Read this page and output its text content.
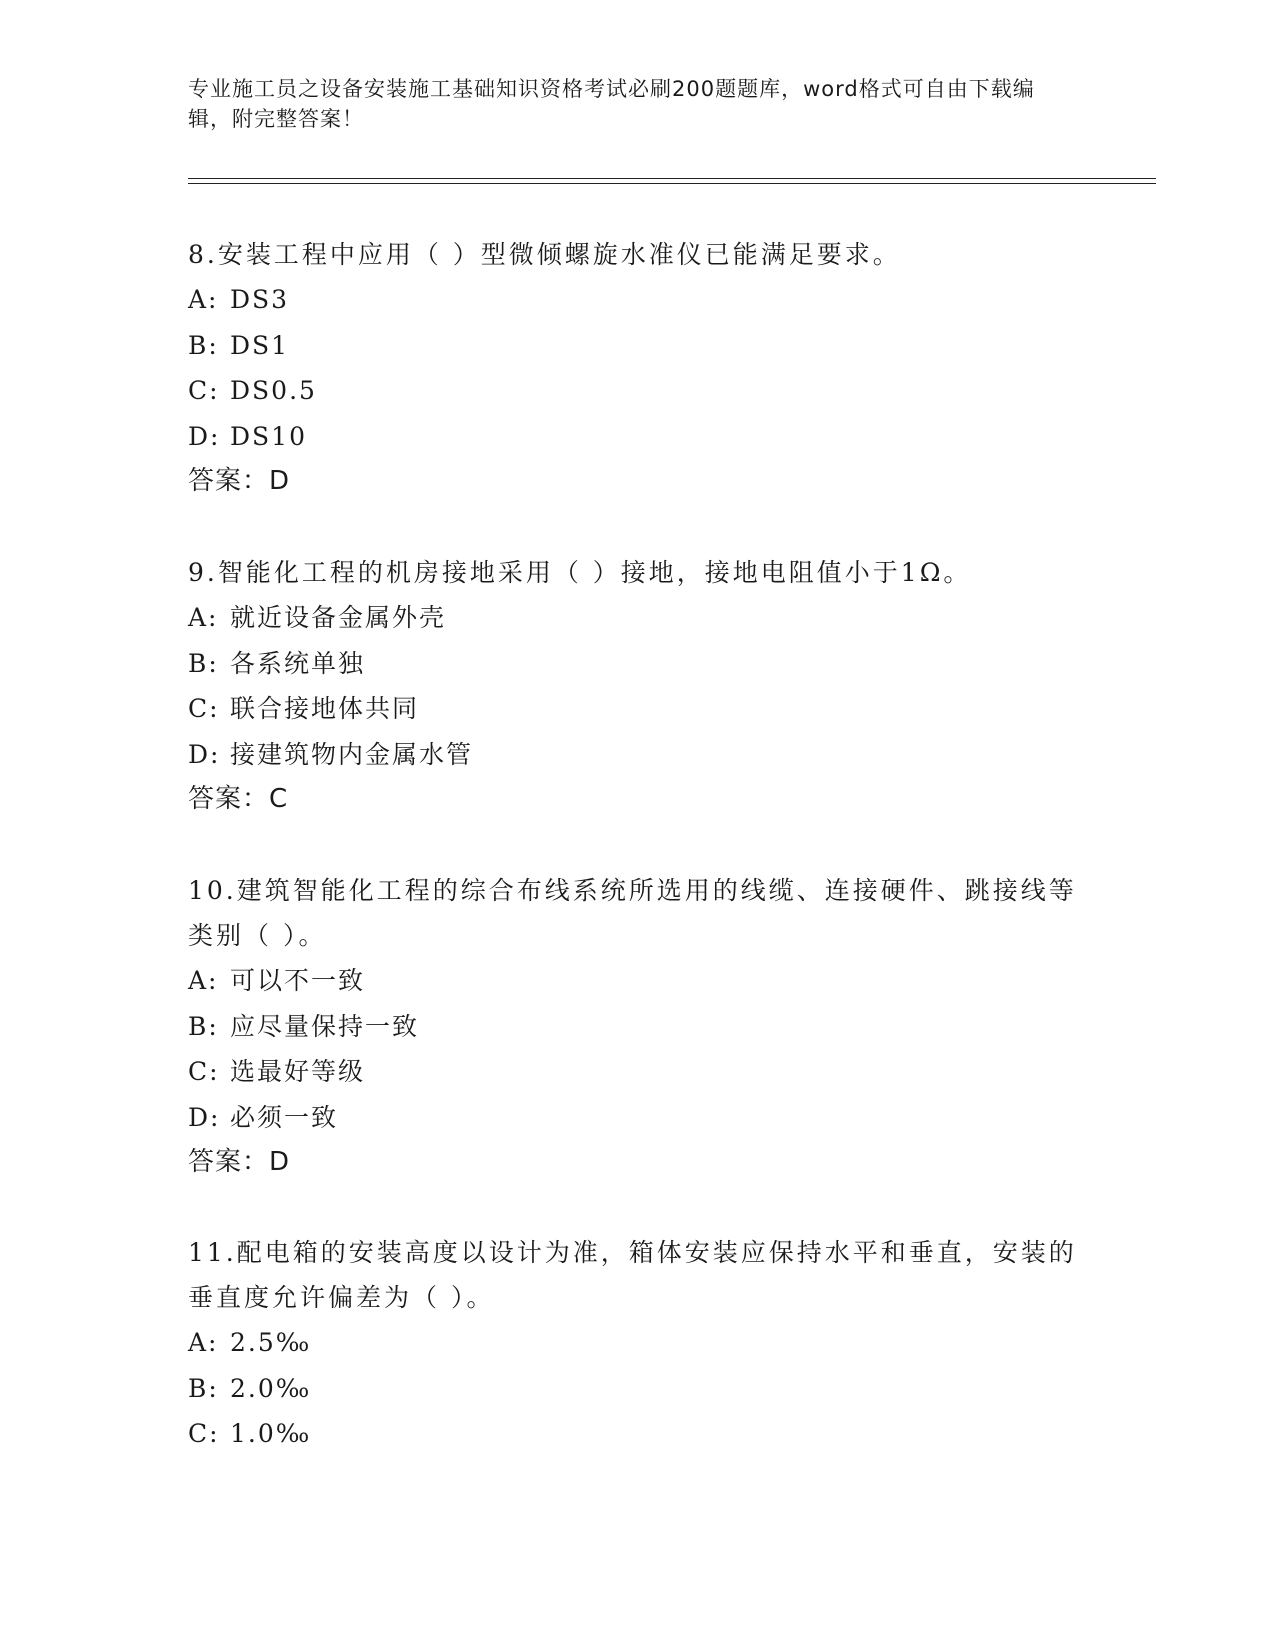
专业施工员之设备安装施工基础知识资格考试必刷200题题库，word格式可自由下载编辑，附完整答案！

8.安装工程中应用（ ）型微倾螺旋水准仪已能满足要求。

A: DS3

B: DS1

C: DS0.5

D: DS10

答案：D

9.智能化工程的机房接地采用（ ）接地，接地电阻值小于1Ω。

A: 就近设备金属外壳

B: 各系统单独

C: 联合接地体共同

D: 接建筑物内金属水管

答案：C

10.建筑智能化工程的综合布线系统所选用的线缆、连接硬件、跳接线等类别（ ）。

A: 可以不一致

B: 应尽量保持一致

C: 选最好等级

D: 必须一致

答案：D

11.配电箱的安装高度以设计为准，箱体安装应保持水平和垂直，安装的垂直度允许偏差为（ ）。

A: 2.5‰

B: 2.0‰

C: 1.0‰
